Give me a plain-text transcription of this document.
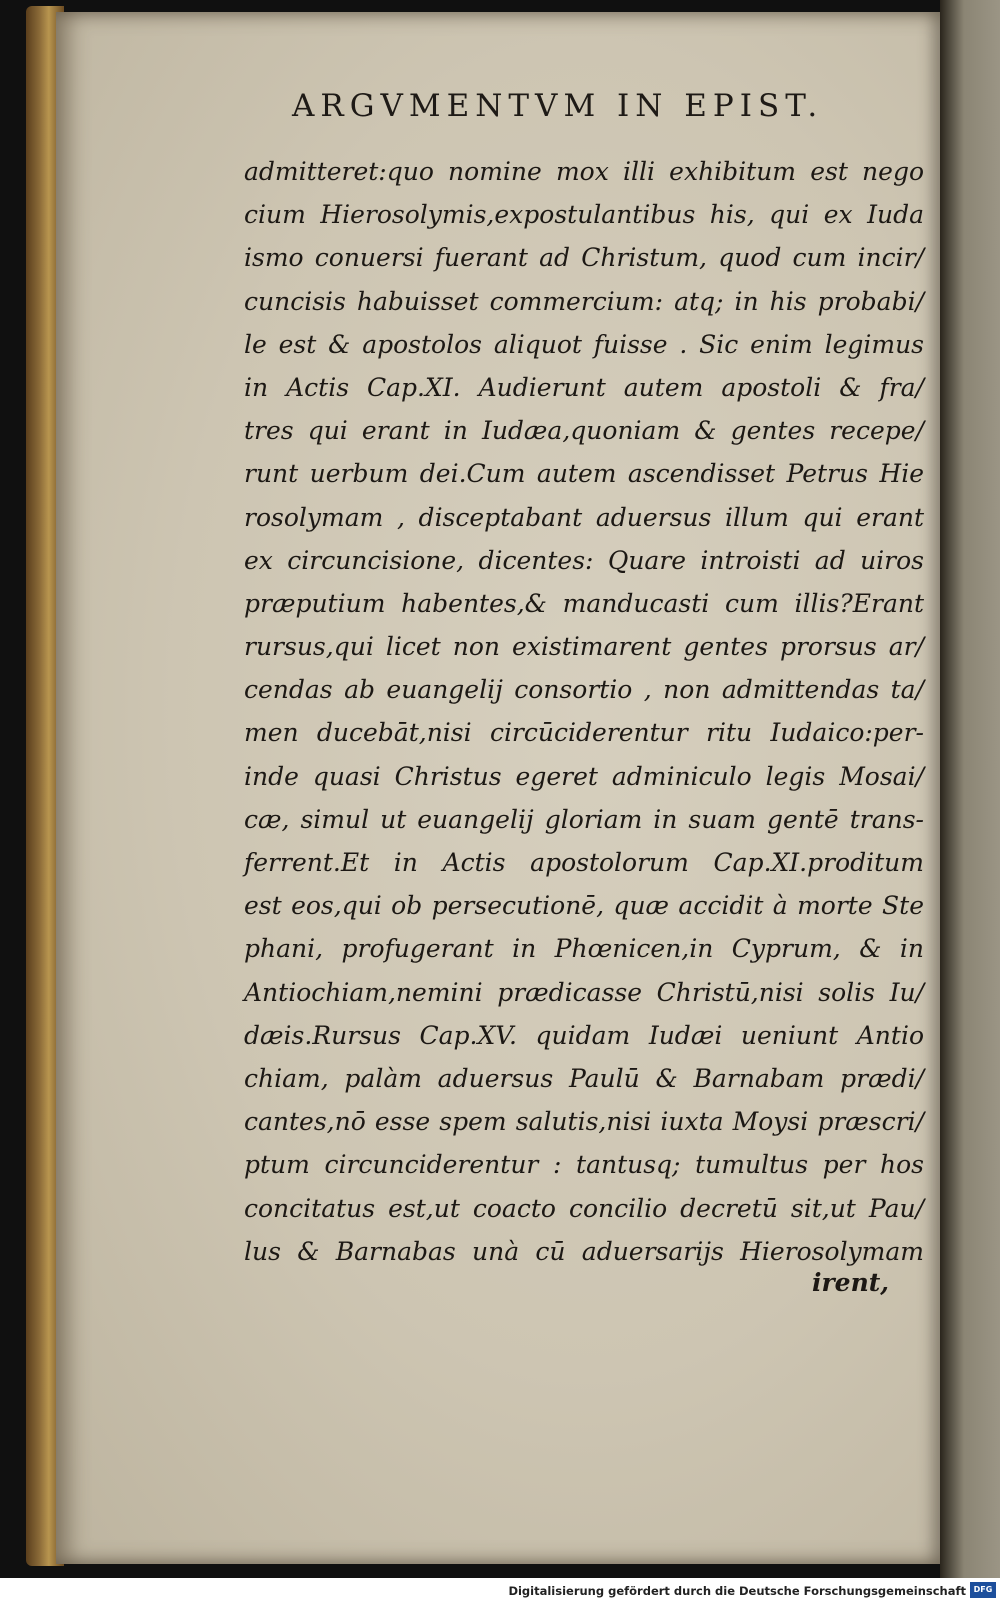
ARGVMENTVM IN EPIST.
admitteret:quo nomine mox illi exhibitum est nego
cium Hierosolymis,expostulantibus his, qui ex Iuda
ismo conuersi fuerant ad Christum, quod cum incir/
cuncisis habuisset commercium: atq; in his probabi/
le est & apostolos aliquot fuisse . Sic enim legimus
in Actis Cap.XI. Audierunt autem apostoli & fra/
tres qui erant in Iudæa,quoniam & gentes recepe/
runt uerbum dei.Cum autem ascendisset Petrus Hie
rosolymam , disceptabant aduersus illum qui erant
ex circuncisione, dicentes: Quare introisti ad uiros
præputium habentes,& manducasti cum illis?Erant
rursus,qui licet non existimarent gentes prorsus ar/
cendas ab euangelij consortio , non admittendas ta/
men ducebāt,nisi circūciderentur ritu Iudaico:per-
inde quasi Christus egeret adminiculo legis Mosai/
cæ, simul ut euangelij gloriam in suam gentē trans-
ferrent.Et in Actis apostolorum Cap.XI.proditum
est eos,qui ob persecutionē, quæ accidit à morte Ste
phani, profugerant in Phœnicen,in Cyprum, & in
Antiochiam,nemini prædicasse Christū,nisi solis Iu/
dæis.Rursus Cap.XV. quidam Iudæi ueniunt Antio
chiam, palàm aduersus Paulū & Barnabam prædi/
cantes,nō esse spem salutis,nisi iuxta Moysi præscri/
ptum circunciderentur : tantusq; tumultus per hos
concitatus est,ut coacto concilio decretū sit,ut Pau/
lus & Barnabas unà cū aduersarijs Hierosolymam
irent,
Digitalisierung gefördert durch die Deutsche Forschungsgemeinschaft DFG
